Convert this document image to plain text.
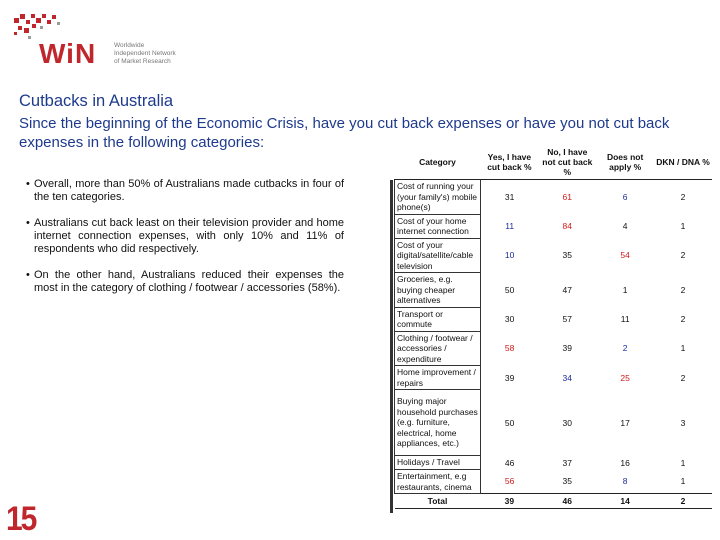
WiN	Worldwide
Independent Network
of Market Research
Cutbacks in Australia
Since the beginning of the Economic Crisis, have you cut back expenses or have you not cut back expenses in the following categories:
• Overall, more than 50% of Australians made cutbacks in four of the ten categories.
• Australians cut back least on their television provider and home internet connection expenses, with only 10% and 11% of respondents who did respectively.
• On the other hand, Australians reduced their expenses the most in the category of clothing / footwear / accessories (58%).
15
Category	Yes, I have cut back %	No, I have not cut back %	Does not apply %	DKN / DNA %
Cost of running your (your family's) mobile phone(s)	31	61	6	2
Cost of your home internet connection	11	84	4	1
Cost of your digital/satellite/cable television	10	35	54	2
Groceries, e.g. buying cheaper alternatives	50	47	1	2
Transport or commute	30	57	11	2
Clothing / footwear / accessories / expenditure	58	39	2	1
Home improvement / repairs	39	34	25	2
Buying major household purchases (e.g. furniture, electrical, home appliances, etc.)	50	30	17	3
Holidays / Travel	46	37	16	1
Entertainment, e.g restaurants, cinema	56	35	8	1
Total	39	46	14	2
